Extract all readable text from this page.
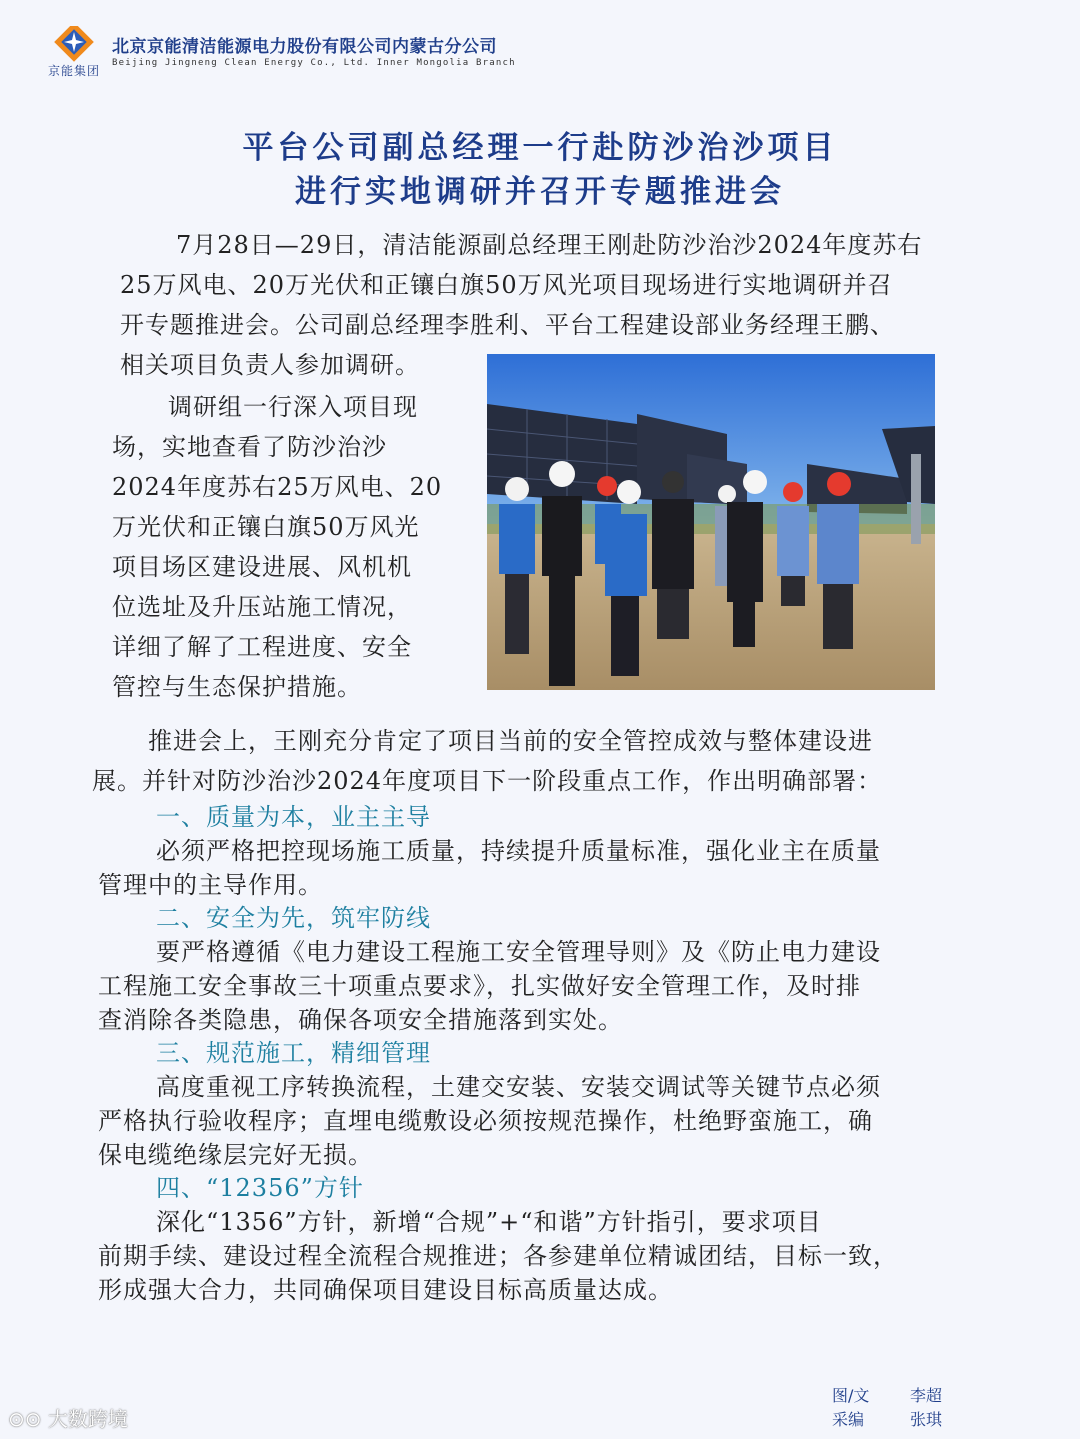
京能集团
北京京能清洁能源电力股份有限公司内蒙古分公司
Beijing Jingneng Clean Energy Co., Ltd. Inner Mongolia Branch
平台公司副总经理一行赴防沙治沙项目
进行实地调研并召开专题推进会
7月28日—29日，清洁能源副总经理王刚赴防沙治沙2024年度苏右
25万风电、20万光伏和正镶白旗50万风光项目现场进行实地调研并召
开专题推进会。公司副总经理李胜利、平台工程建设部业务经理王鹏、
相关项目负责人参加调研。
调研组一行深入项目现
场，实地查看了防沙治沙
2024年度苏右25万风电、20
万光伏和正镶白旗50万风光
项目场区建设进展、风机机
位选址及升压站施工情况，
详细了解了工程进度、安全
管控与生态保护措施。
推进会上，王刚充分肯定了项目当前的安全管控成效与整体建设进
展。并针对防沙治沙2024年度项目下一阶段重点工作，作出明确部署：
一、质量为本，业主主导
必须严格把控现场施工质量，持续提升质量标准，强化业主在质量
管理中的主导作用。
二、安全为先，筑牢防线
要严格遵循《电力建设工程施工安全管理导则》及《防止电力建设
工程施工安全事故三十项重点要求》，扎实做好安全管理工作，及时排
查消除各类隐患，确保各项安全措施落到实处。
三、规范施工，精细管理
高度重视工序转换流程，土建交安装、安装交调试等关键节点必须
严格执行验收程序；直埋电缆敷设必须按规范操作，杜绝野蛮施工，确
保电缆绝缘层完好无损。
四、“12356”方针
深化“1356”方针，新增“合规”+“和谐”方针指引，要求项目
前期手续、建设过程全流程合规推进；各参建单位精诚团结，目标一致，
形成强大合力，共同确保项目建设目标高质量达成。
图/文	李超
采编	张琪
⊙⊙ 大数跨境
